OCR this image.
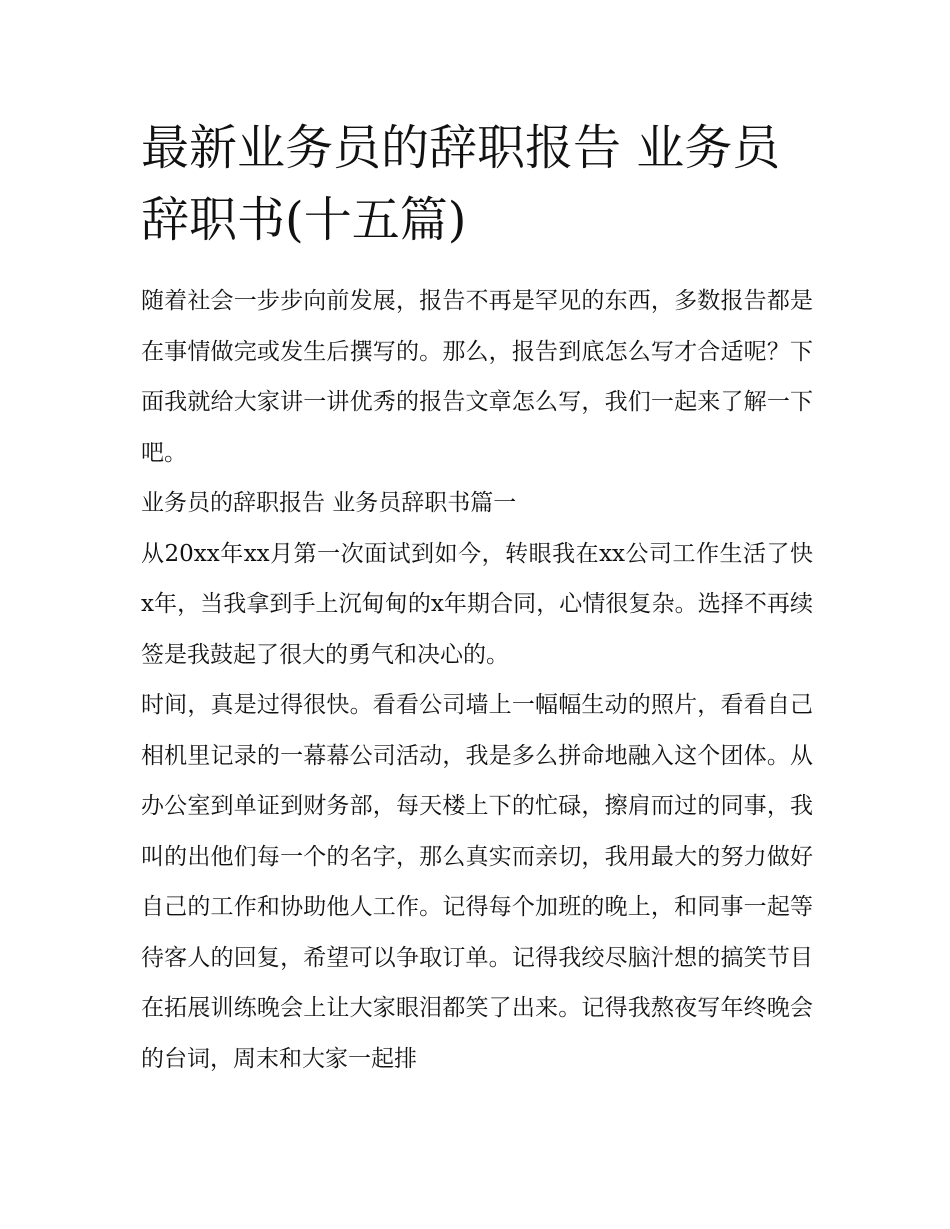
最新业务员的辞职报告 业务员辞职书(十五篇)

随着社会一步步向前发展，报告不再是罕见的东西，多数报告都是在事情做完或发生后撰写的。那么，报告到底怎么写才合适呢？下面我就给大家讲一讲优秀的报告文章怎么写，我们一起来了解一下吧。

业务员的辞职报告 业务员辞职书篇一

从20xx年xx月第一次面试到如今，转眼我在xx公司工作生活了快x年，当我拿到手上沉甸甸的x年期合同，心情很复杂。选择不再续签是我鼓起了很大的勇气和决心的。

时间，真是过得很快。看看公司墙上一幅幅生动的照片，看看自己相机里记录的一幕幕公司活动，我是多么拼命地融入这个团体。从办公室到单证到财务部，每天楼上下的忙碌，擦肩而过的同事，我叫的出他们每一个的名字，那么真实而亲切，我用最大的努力做好自己的工作和协助他人工作。记得每个加班的晚上，和同事一起等待客人的回复，希望可以争取订单。记得我绞尽脑汁想的搞笑节目在拓展训练晚会上让大家眼泪都笑了出来。记得我熬夜写年终晚会的台词，周末和大家一起排
